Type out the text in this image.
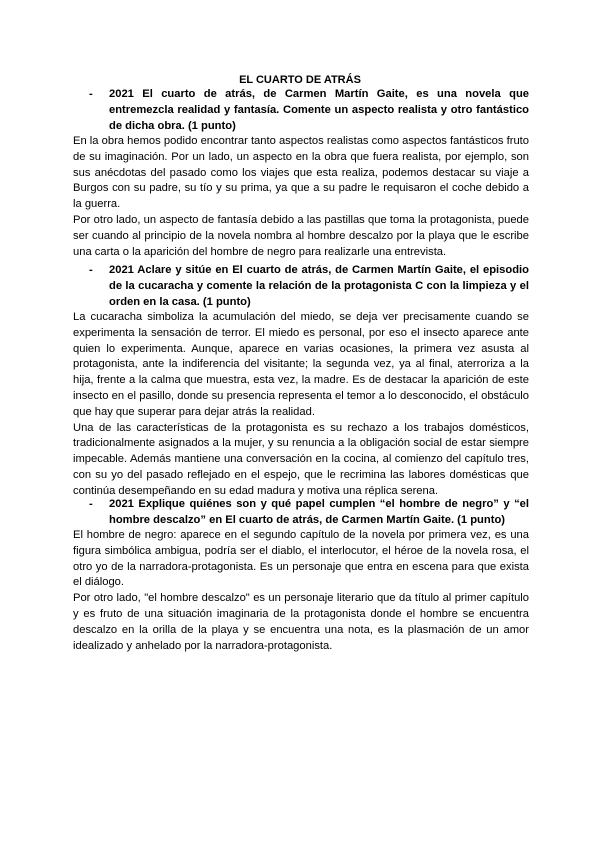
EL CUARTO DE ATRÁS
- 2021 El cuarto de atrás, de Carmen Martín Gaite, es una novela que entremezcla realidad y fantasía. Comente un aspecto realista y otro fantástico de dicha obra. (1 punto)

En la obra hemos podido encontrar tanto aspectos realistas como aspectos fantásticos fruto de su imaginación. Por un lado, un aspecto en la obra que fuera realista, por ejemplo, son sus anécdotas del pasado como los viajes que esta realiza, podemos destacar su viaje a Burgos con su padre, su tío y su prima, ya que a su padre le requisaron el coche debido a la guerra.

Por otro lado, un aspecto de fantasía debido a las pastillas que toma la protagonista, puede ser cuando al principio de la novela nombra al hombre descalzo por la playa que le escribe una carta o la aparición del hombre de negro para realizarle una entrevista.

- 2021 Aclare y sitúe en El cuarto de atrás, de Carmen Martín Gaite, el episodio de la cucaracha y comente la relación de la protagonista C con la limpieza y el orden en la casa. (1 punto)

La cucaracha simboliza la acumulación del miedo, se deja ver precisamente cuando se experimenta la sensación de terror. El miedo es personal, por eso el insecto aparece ante quien lo experimenta. Aunque, aparece en varias ocasiones, la primera vez asusta al protagonista, ante la indiferencia del visitante; la segunda vez, ya al final, aterroriza a la hija, frente a la calma que muestra, esta vez, la madre. Es de destacar la aparición de este insecto en el pasillo, donde su presencia representa el temor a lo desconocido, el obstáculo que hay que superar para dejar atrás la realidad.

Una de las características de la protagonista es su rechazo a los trabajos domésticos, tradicionalmente asignados a la mujer, y su renuncia a la obligación social de estar siempre impecable. Además mantiene una conversación en la cocina, al comienzo del capítulo tres, con su yo del pasado reflejado en el espejo, que le recrimina las labores domésticas que continúa desempeñando en su edad madura y motiva una réplica serena.

- 2021 Explique quiénes son y qué papel cumplen “el hombre de negro” y “el hombre descalzo” en El cuarto de atrás, de Carmen Martín Gaite. (1 punto)

El hombre de negro: aparece en el segundo capítulo de la novela por primera vez, es una figura simbólica ambigua, podría ser el diablo, el interlocutor, el héroe de la novela rosa, el otro yo de la narradora-protagonista. Es un personaje que entra en escena para que exista el diálogo.

Por otro lado, "el hombre descalzo" es un personaje literario que da título al primer capítulo y es fruto de una situación imaginaria de la protagonista donde el hombre se encuentra descalzo en la orilla de la playa y se encuentra una nota, es la plasmación de un amor idealizado y anhelado por la narradora-protagonista.
